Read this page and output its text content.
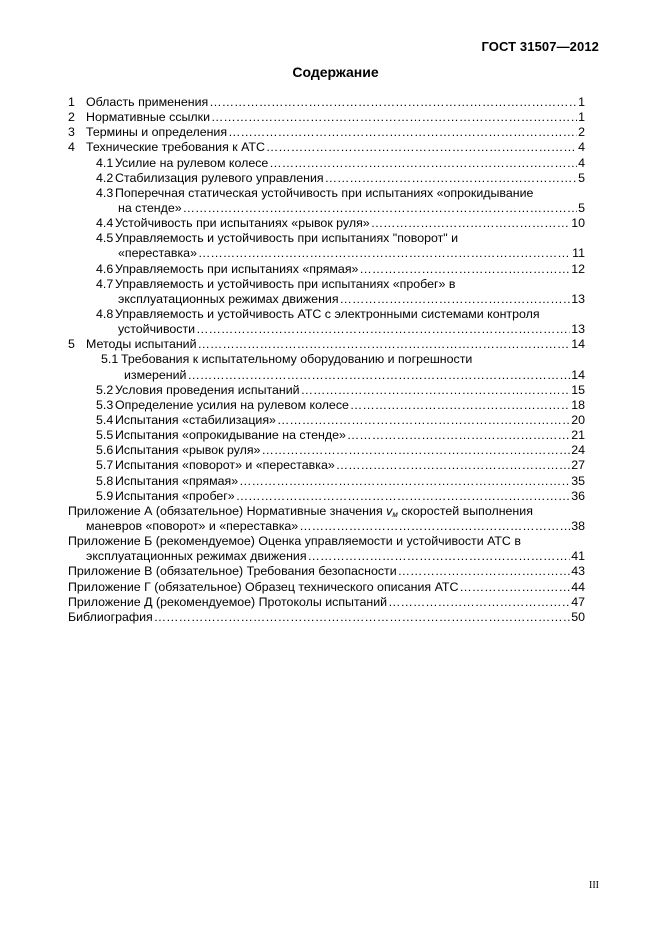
ГОСТ 31507—2012
Содержание
1 Область применения ………………………………………………………………………………………………………………………………………………………………	1
2 Нормативные ссылки ………………………………………………………………………………………………………………………………………………………………	1
3 Термины и определения ………………………………………………………………………………………………………………………………………………………………	2
4 Технические требования к АТС ………………………………………………………………………………………………………………………………………………………………	4
4.1 Усилие на рулевом колесе ………………………………………………………………………………………………………………………………………………………………	4
4.2 Стабилизация рулевого управления ………………………………………………………………………………………………………………………………………………………………	5
4.3 Поперечная статическая устойчивость при испытаниях «опрокидывание
на стенде» ………………………………………………………………………………………………………………………………………………………………	5
4.4 Устойчивость при испытаниях «рывок руля» ………………………………………………………………………………………………………………………………………………………………	10
4.5 Управляемость и устойчивость при испытаниях "поворот" и
«переставка» ………………………………………………………………………………………………………………………………………………………………	11
4.6 Управляемость при испытаниях «прямая» ………………………………………………………………………………………………………………………………………………………………	12
4.7 Управляемость и устойчивость при испытаниях «пробег» в
эксплуатационных режимах движения ………………………………………………………………………………………………………………………………………………………………	13
4.8 Управляемость и устойчивость АТС с электронными системами контроля
устойчивости ………………………………………………………………………………………………………………………………………………………………	13
5 Методы испытаний ………………………………………………………………………………………………………………………………………………………………	14
5.1 Требования к испытательному оборудованию и погрешности
измерений ………………………………………………………………………………………………………………………………………………………………	14
5.2 Условия проведения испытаний ………………………………………………………………………………………………………………………………………………………………	15
5.3 Определение усилия на рулевом колесе ………………………………………………………………………………………………………………………………………………………………	18
5.4 Испытания «стабилизация» ………………………………………………………………………………………………………………………………………………………………	20
5.5 Испытания «опрокидывание на стенде» ………………………………………………………………………………………………………………………………………………………………	21
5.6 Испытания «рывок руля» ………………………………………………………………………………………………………………………………………………………………	24
5.7 Испытания «поворот» и «переставка» ………………………………………………………………………………………………………………………………………………………………	27
5.8 Испытания «прямая» ………………………………………………………………………………………………………………………………………………………………	35
5.9 Испытания «пробег» ………………………………………………………………………………………………………………………………………………………………	36
Приложение А (обязательное) Нормативные значения $v_м$ скоростей выполнения
маневров «поворот» и «переставка» ………………………………………………………………………………………………………………………………………………………………	38
Приложение Б (рекомендуемое) Оценка управляемости и устойчивости АТС в
эксплуатационных режимах движения ………………………………………………………………………………………………………………………………………………………………	41
Приложение В (обязательное) Требования безопасности ………………………………………………………………………………………………………………………………………………………………	43
Приложение Г (обязательное) Образец технического описания АТС ………………………………………………………………………………………………………………………………………………………………	44
Приложение Д (рекомендуемое) Протоколы испытаний ………………………………………………………………………………………………………………………………………………………………	47
Библиография ………………………………………………………………………………………………………………………………………………………………	50
III
